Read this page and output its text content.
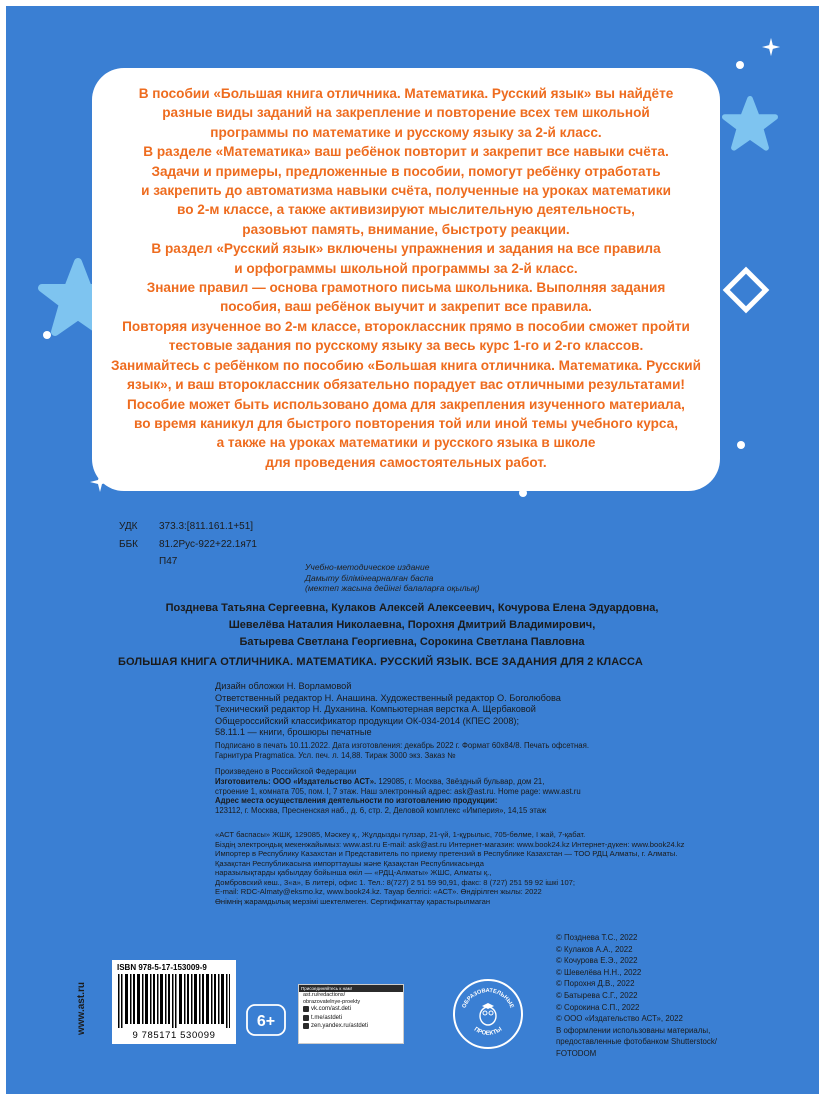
В пособии «Большая книга отличника. Математика. Русский язык» вы найдёте
разные виды заданий на закрепление и повторение всех тем школьной
программы по математике и русскому языку за 2-й класс.
В разделе «Математика» ваш ребёнок повторит и закрепит все навыки счёта.
Задачи и примеры, предложенные в пособии, помогут ребёнку отработать
и закрепить до автоматизма навыки счёта, полученные на уроках математики
во 2-м классе, а также активизируют мыслительную деятельность,
разовьют память, внимание, быстроту реакции.
В раздел «Русский язык» включены упражнения и задания на все правила
и орфограммы школьной программы за 2-й класс.
Знание правил — основа грамотного письма школьника. Выполняя задания
пособия, ваш ребёнок выучит и закрепит все правила.
Повторяя изученное во 2-м классе, второклассник прямо в пособии сможет пройти
тестовые задания по русскому языку за весь курс 1-го и 2-го классов.
Занимайтесь с ребёнком по пособию «Большая книга отличника. Математика. Русский
язык», и ваш второклассник обязательно порадует вас отличными результатами!
Пособие может быть использовано дома для закрепления изученного материала,
во время каникул для быстрого повторения той или иной темы учебного курса,
а также на уроках математики и русского языка в школе
для проведения самостоятельных работ.
УДК 373.3:[811.161.1+51]
ББК 81.2Рус-922+22.1я71
П47	Учебно-методическое издание
Дамыту бiлiмiнеарналған баспа
(мектеп жасына дейiнгi балаларға оқылық)
Позднева Татьяна Сергеевна, Кулаков Алексей Алексеевич, Кочурова Елена Эдуардовна,
Шевелёва Наталия Николаевна, Порохня Дмитрий Владимирович,
Батырева Светлана Георгиевна, Сорокина Светлана Павловна
БОЛЬШАЯ КНИГА ОТЛИЧНИКА. МАТЕМАТИКА. РУССКИЙ ЯЗЫК. ВСЕ ЗАДАНИЯ ДЛЯ 2 КЛАССА
Дизайн обложки Н. Ворламовой
Ответственный редактор Н. Анашина. Художественный редактор О. Боголюбова
Технический редактор Н. Духанина. Компьютерная верстка А. Щербаковой
Общероссийский классификатор продукции ОК-034-2014 (КПЕС 2008);
58.11.1 — книги, брошюры печатные
Подписано в печать 10.11.2022. Дата изготовления: декабрь 2022 г. Формат 60х84/8. Печать офсетная.
Гарнитура Pragmatica. Усл. печ. л. 14,88. Тираж 3000 экз. Заказ №
Произведено в Российской Федерации
Изготовитель: ООО «Издательство АСТ». 129085, г. Москва, Звёздный бульвар, дом 21,
строение 1, комната 705, пом. I, 7 этаж. Наш электронный адрес: ask@ast.ru. Home page: www.ast.ru
Адрес места осуществления деятельности по изготовлению продукции:
123112, г. Москва, Пресненская наб., д. 6, стр. 2, Деловой комплекс «Империя», 14,15 этаж
«АСТ баспасы» ЖШҚ, 129085, Мәскеу қ., Жұлдызды гүлзар, 21-үй, 1-құрылыс, 705-бөлме, I жай, 7-қабат.
Біздің электрондық мекенжайымыз: www.ast.ru E-mail: ask@ast.ru Интернет-магазин: www.book24.kz Интернет-дүкен: www.book24.kz
Импортер в Республику Казахстан и Представитель по приему претензий в Республике Казахстан — ТОО РДЦ Алматы, г. Алматы.
Қазақстан Республикасына импорттаушы және Қазақстан Республикасында
наразылықтарды қабылдау бойынша өкіл — «РДЦ-Алматы» ЖШС, Алматы қ.,
Домбровский көш., 3«а», Б литері, офис 1. Тел.: 8(727) 2 51 59 90,91, факс: 8 (727) 251 59 92 ішкі 107;
E-mail: RDC-Almaty@eksmo.kz, www.book24.kz. Тауар белгісі: «АСТ». Өндірілген жылы: 2022
Өнімнің жарамдылық мерзімі шектелмеген. Сертификаттау қарастырылмаган
© Позднева Т.С., 2022
© Кулаков А.А., 2022
© Кочурова Е.Э., 2022
© Шевелёва Н.Н., 2022
© Порохня Д.В., 2022
© Батырева С.Г., 2022
© Сорокина С.П., 2022
© ООО «Издательство АСТ», 2022
В оформлении использованы материалы,
предоставленные фотобанком Shutterstock/
FOTODOM
www.ast.ru
ISBN 978-5-17-153009-9
9 785171 530099
6+
Присоединяйтесь к нам!
ast.ru/redactions/
obrazovatelnye-proekty
vk.com/ast.deti
t.me/astdeti
zen.yandex.ru/astdeti
ОБРАЗОВАТЕЛЬНЫЕ
ПРОЕКТЫ
